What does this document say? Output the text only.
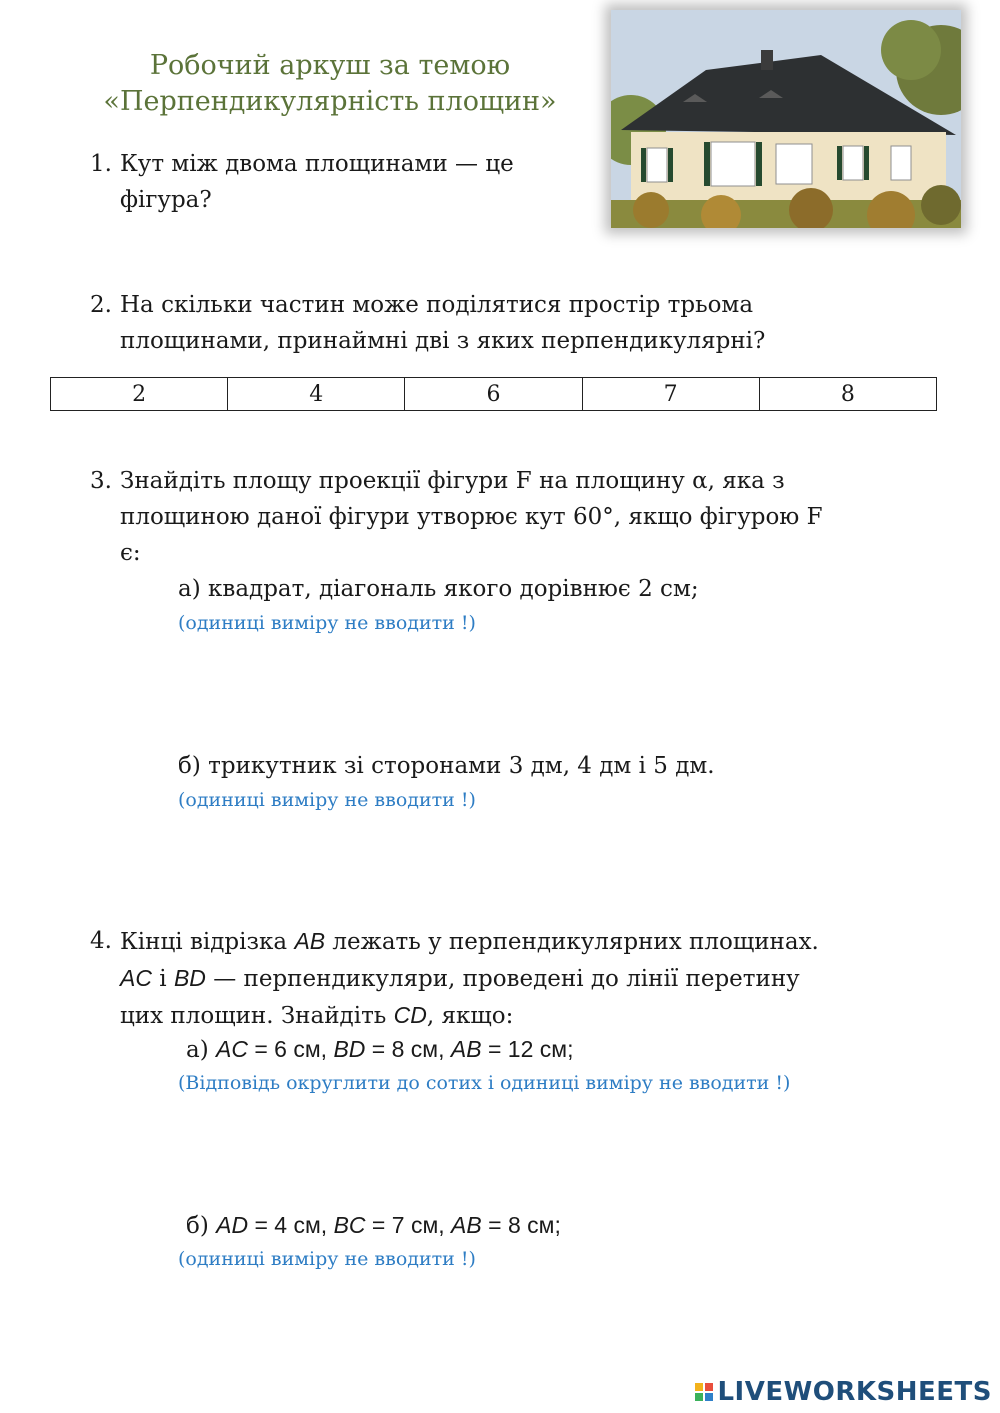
Робочий аркуш за темою
«Перпендикулярність площин»
1. Кут між двома площинами — це
фігура?
2. На скільки частин може поділятися простір трьома
площинами, принаймні дві з яких перпендикулярні?
2	4	6	7	8
3. Знайдіть площу проекції фігури F на площину α, яка з
площиною даної фігури утворює кут 60°, якщо фігурою F
є:
а) квадрат, діагональ якого дорівнює 2 см;
(одиниці виміру не вводити !)
б) трикутник зі сторонами 3 дм, 4 дм і 5 дм.
(одиниці виміру не вводити !)
4. Кінці відрізка AB лежать у перпендикулярних площинах.
AC і BD — перпендикуляри, проведені до лінії перетину
цих площин. Знайдіть CD, якщо:
а) AC = 6 см, BD = 8 см, AB = 12 см;
(Відповідь округлити до сотих і одиниці виміру не вводити !)
б) AD = 4 см, BC = 7 см, AB = 8 см;
(одиниці виміру не вводити !)
LIVEWORKSHEETS
